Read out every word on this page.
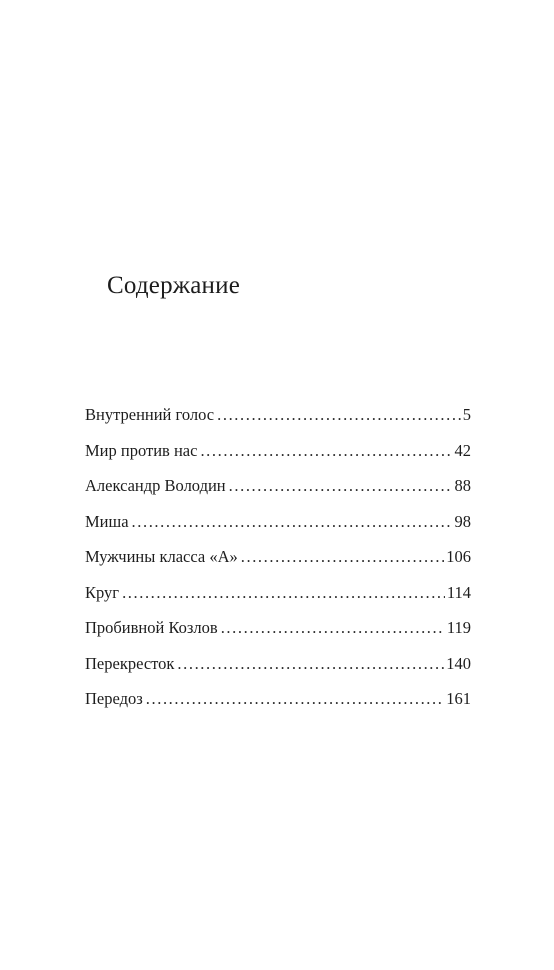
Содержание
Внутренний голос .....	5
Мир против нас .....	42
Александр Володин .....	88
Миша .....	98
Мужчины класса «А» .....	106
Круг .....	114
Пробивной Козлов .....	119
Перекресток .....	140
Передоз .....	161
